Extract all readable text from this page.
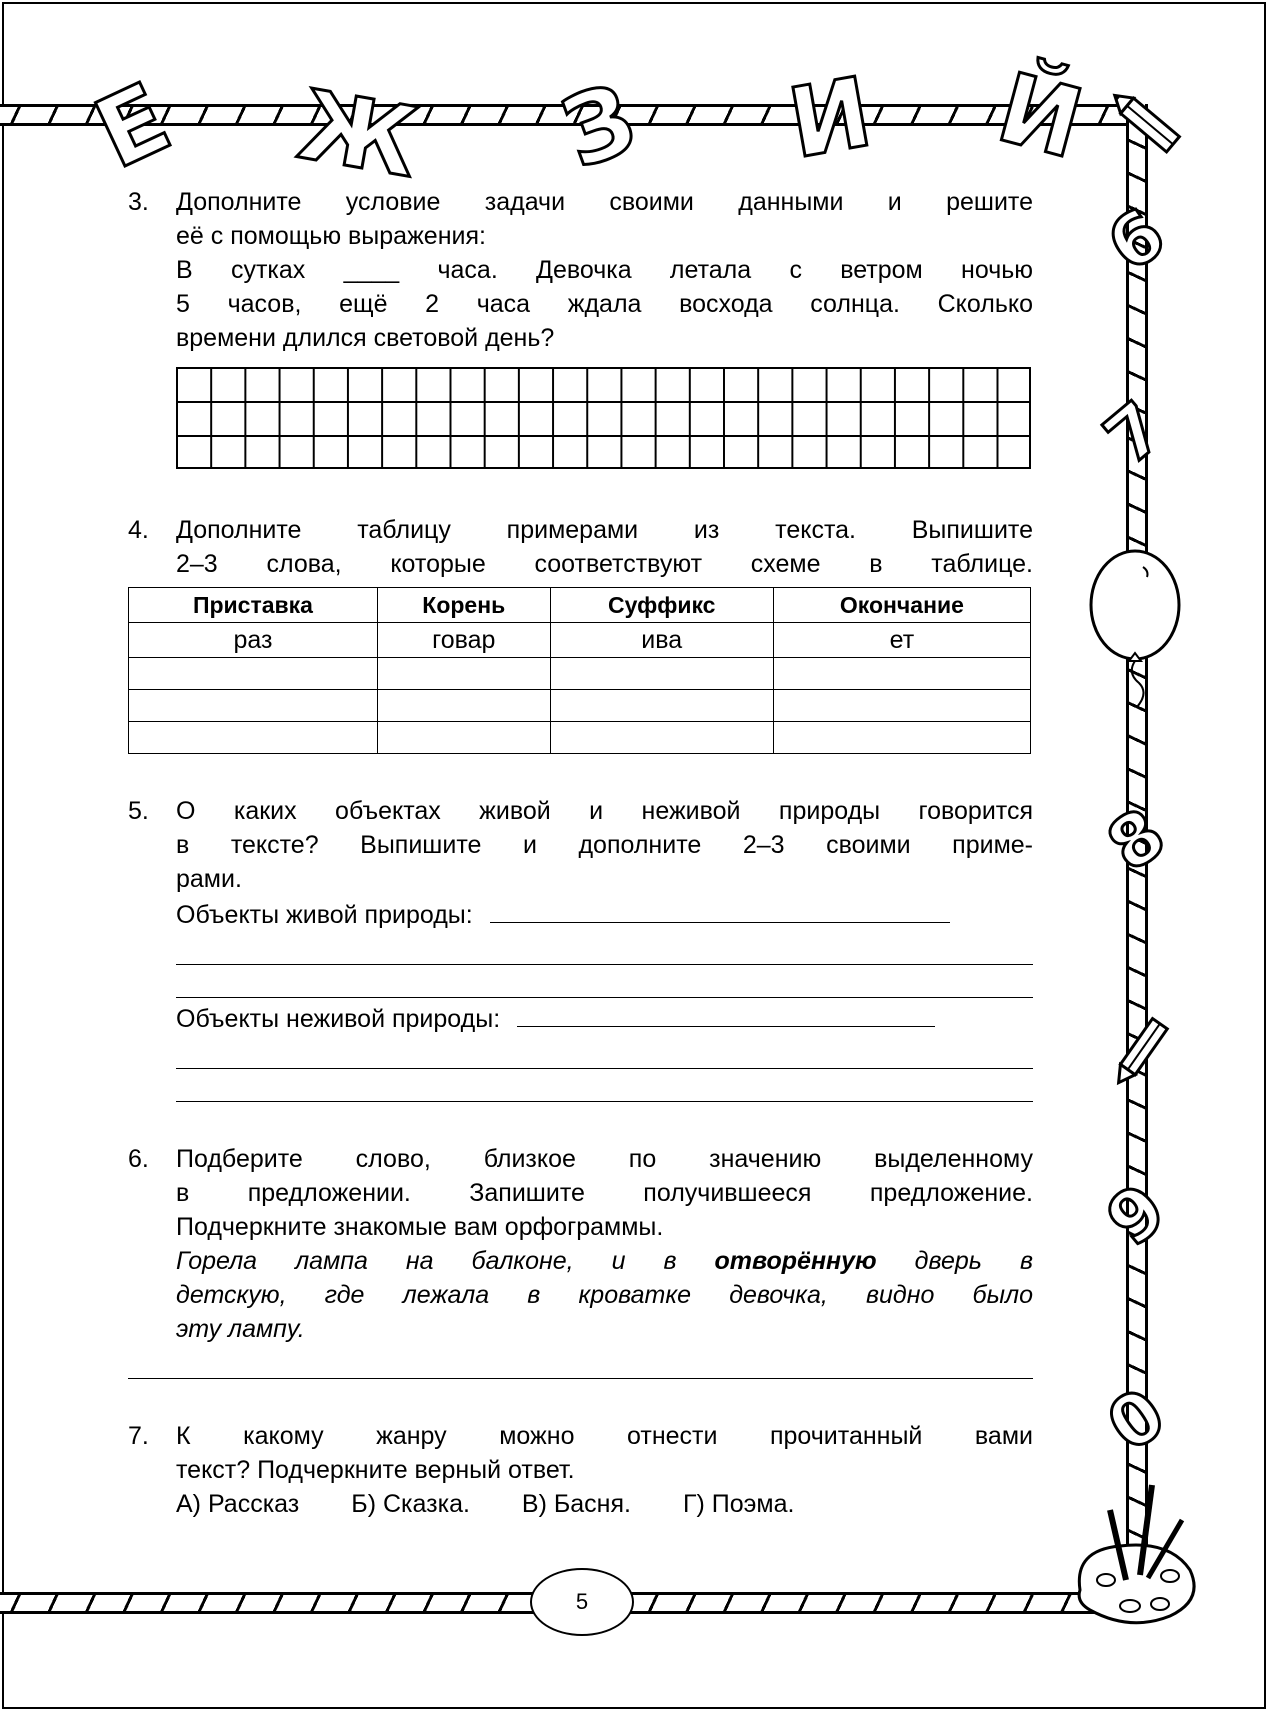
Е Ж З И Й
6
7
8
9
0
3. Дополните условие задачи своими данными и решите
её с помощью выражения:
В сутках ____ часа. Девочка летала с ветром ночью
5 часов, ещё 2 часа ждала восхода солнца. Сколько
времени длился световой день?
4. Дополните таблицу примерами из текста. Выпишите
2–3 слова, которые соответствуют схеме в таблице.
Приставка	Корень	Суффикс	Окончание
раз	говар	ива	ет

5. О каких объектах живой и неживой природы говорится
в тексте? Выпишите и дополните 2–3 своими приме-
рами.
Объекты живой природы:
Объекты неживой природы:
6. Подберите слово, близкое по значению выделенному
в предложении. Запишите получившееся предложение.
Подчеркните знакомые вам орфограммы.
Горела лампа на балконе, и в отворённую дверь в
детскую, где лежала в кроватке девочка, видно было
эту лампу.
7. К какому жанру можно отнести прочитанный вами
текст? Подчеркните верный ответ.
А) Рассказ Б) Сказка. В) Басня. Г) Поэма.
5
